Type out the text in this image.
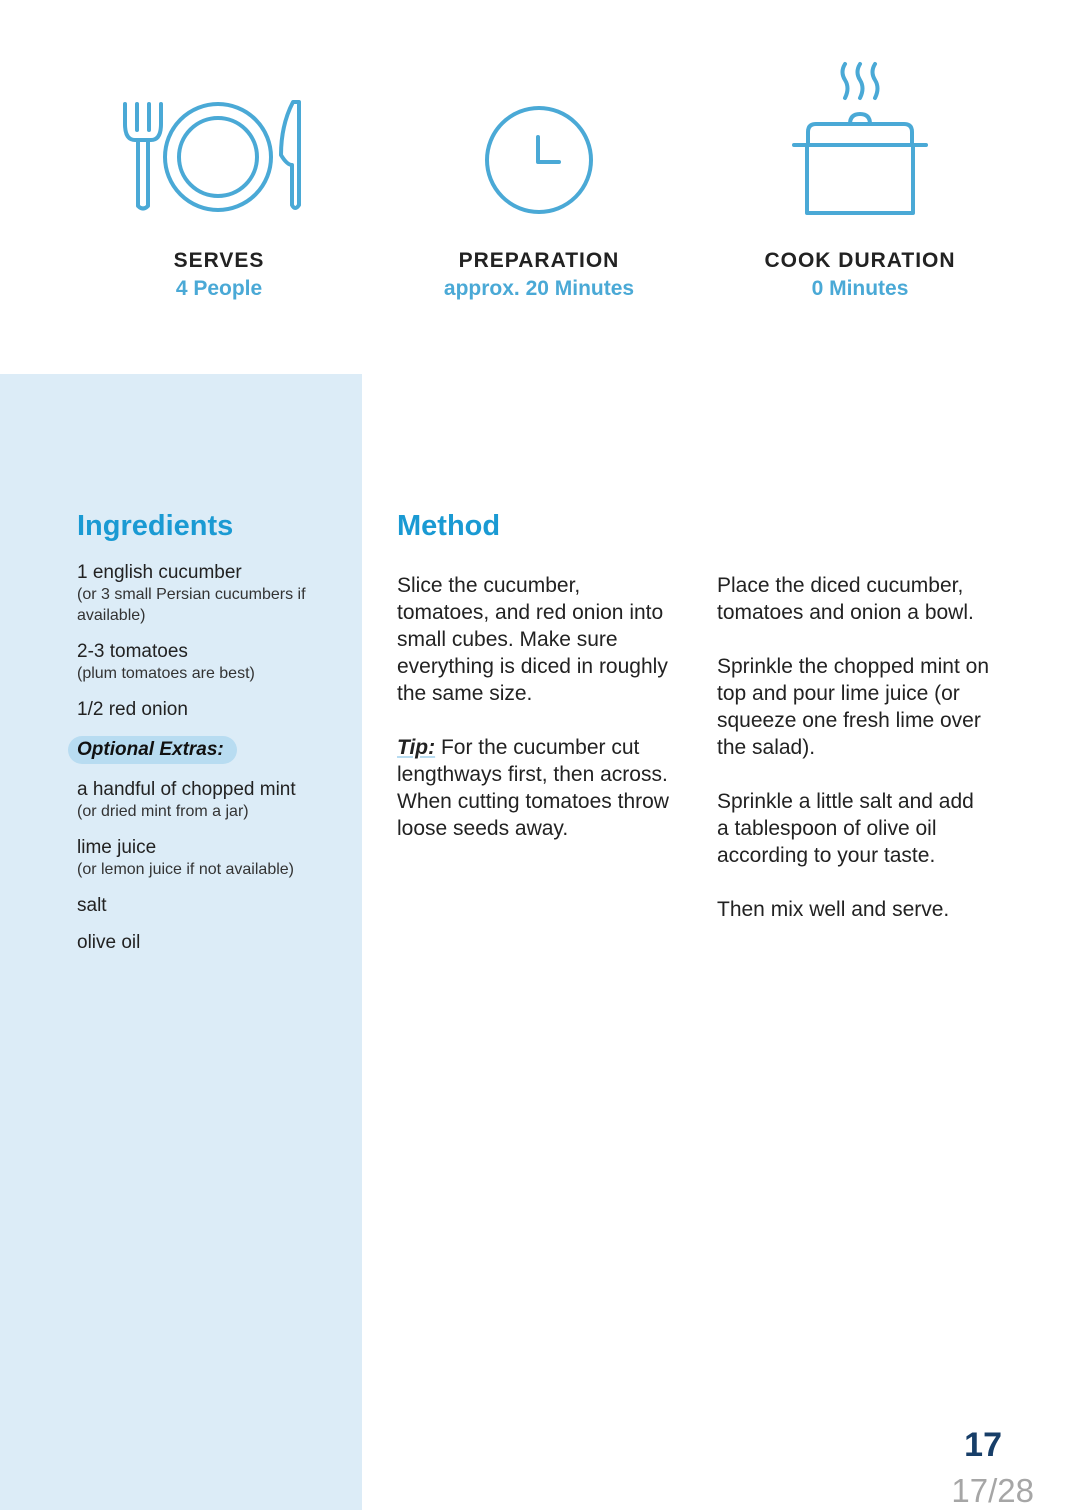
SERVES
4 People
PREPARATION
approx. 20 Minutes
COOK DURATION
0 Minutes
Ingredients
1 english cucumber
(or 3 small Persian cucumbers if available)
2-3 tomatoes
(plum tomatoes are best)
1/2 red onion
Optional Extras:
a handful of chopped mint
(or dried mint from a jar)
lime juice
(or lemon juice if not available)
salt
olive oil
Method

Slice the cucumber, tomatoes, and red onion into small cubes. Make sure everything is diced in roughly the same size.

Tip: For the cucumber cut lengthways first, then across. When cutting tomatoes throw loose seeds away.

Place the diced cucumber, tomatoes and onion a bowl.

Sprinkle the chopped mint on top and pour lime juice (or squeeze one fresh lime over the salad).

Sprinkle a little salt and add a tablespoon of olive oil according to your taste.

Then mix well and serve.

17
17/28
